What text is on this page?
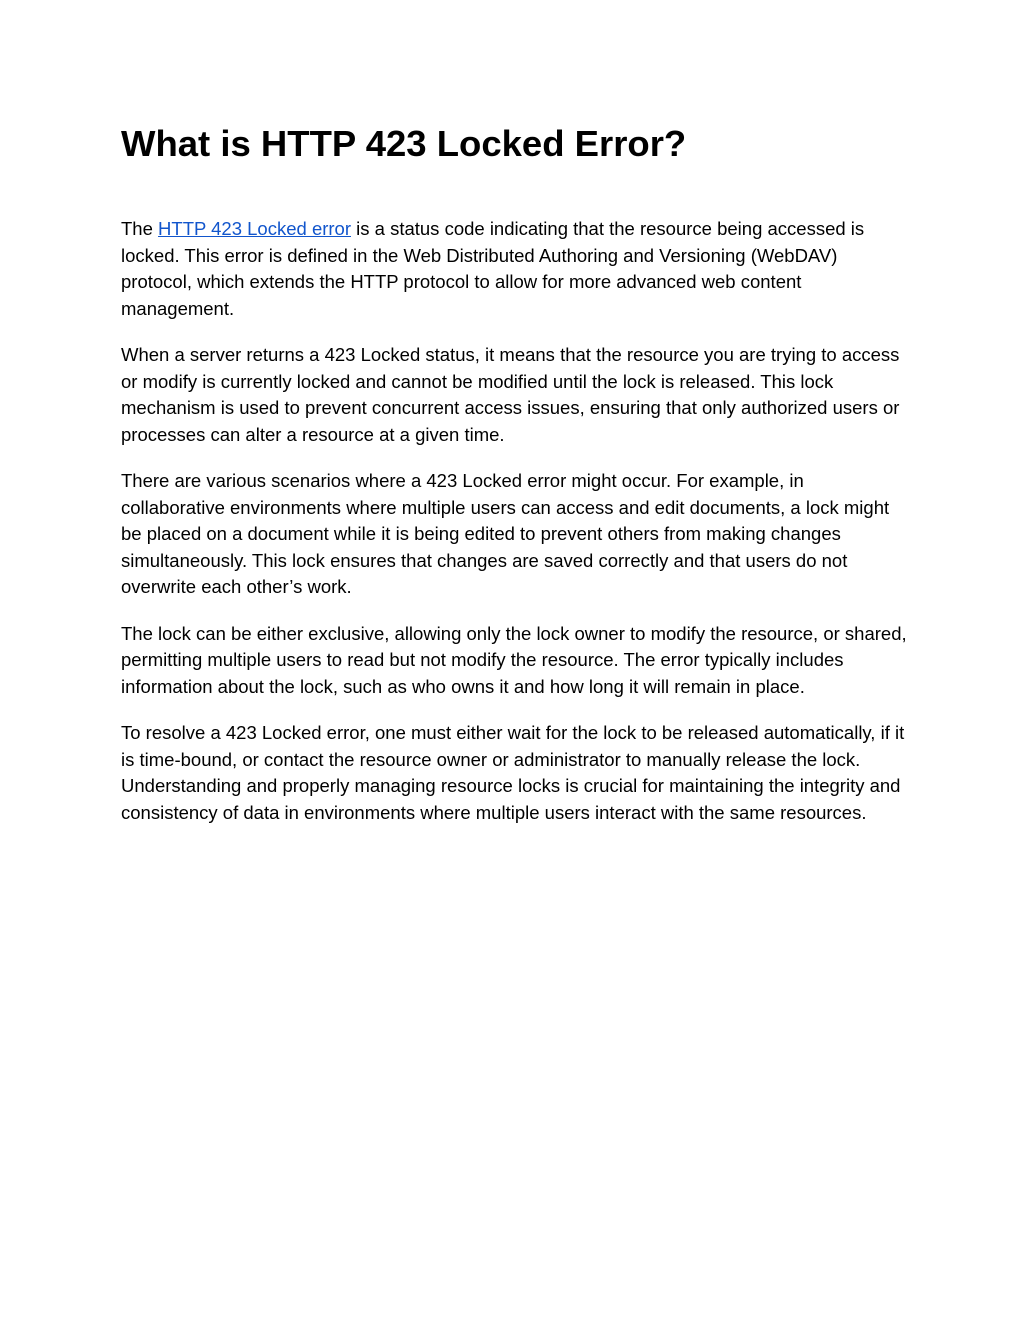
What is HTTP 423 Locked Error?

The HTTP 423 Locked error is a status code indicating that the resource being accessed is locked. This error is defined in the Web Distributed Authoring and Versioning (WebDAV) protocol, which extends the HTTP protocol to allow for more advanced web content management.

When a server returns a 423 Locked status, it means that the resource you are trying to access or modify is currently locked and cannot be modified until the lock is released. This lock mechanism is used to prevent concurrent access issues, ensuring that only authorized users or processes can alter a resource at a given time.

There are various scenarios where a 423 Locked error might occur. For example, in collaborative environments where multiple users can access and edit documents, a lock might be placed on a document while it is being edited to prevent others from making changes simultaneously. This lock ensures that changes are saved correctly and that users do not overwrite each other’s work.

The lock can be either exclusive, allowing only the lock owner to modify the resource, or shared, permitting multiple users to read but not modify the resource. The error typically includes information about the lock, such as who owns it and how long it will remain in place.

To resolve a 423 Locked error, one must either wait for the lock to be released automatically, if it is time-bound, or contact the resource owner or administrator to manually release the lock. Understanding and properly managing resource locks is crucial for maintaining the integrity and consistency of data in environments where multiple users interact with the same resources.
